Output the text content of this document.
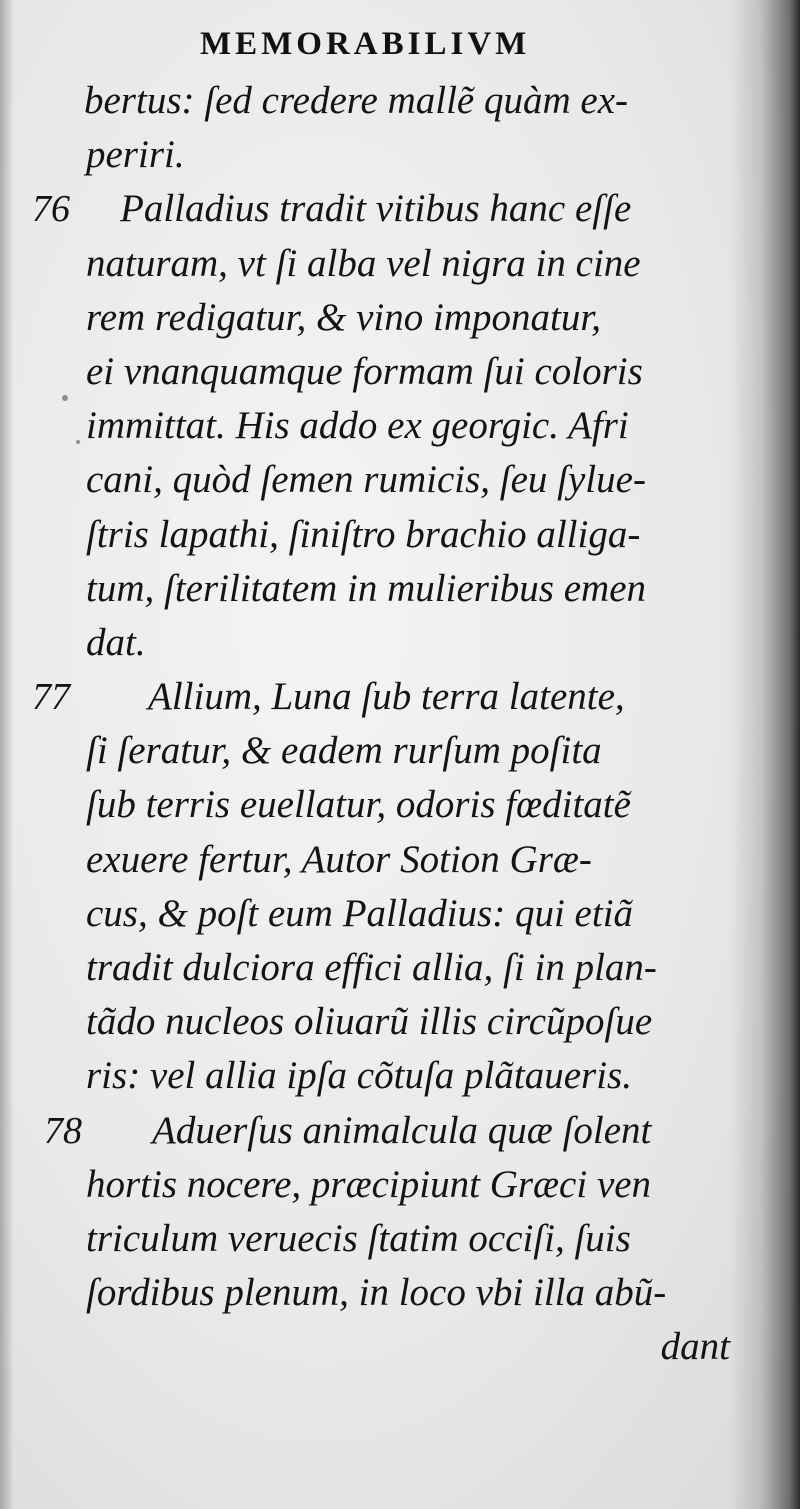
MEMORABILIVM
bertus: ſed credere mallẽ quàm ex-
periri.
76 Palladius tradit vitibus hanc eſſe
naturam, vt ſi alba vel nigra in cine
rem redigatur, & vino imponatur,
ei vnanquamque formam ſui coloris
immittat. His addo ex georgic. Afri
cani, quòd ſemen rumicis, ſeu ſylue-
ſtris lapathi, ſiniſtro brachio alliga-
tum, ſterilitatem in mulieribus emen
dat.
77 Allium, Luna ſub terra latente,
ſi ſeratur, & eadem rurſum poſita
ſub terris euellatur, odoris fœditatẽ
exuere fertur, Autor Sotion Græ-
cus, & poſt eum Palladius: qui etiã
tradit dulciora effici allia, ſi in plan-
tãdo nucleos oliuarũ illis circũpoſue
ris: vel allia ipſa cõtuſa plãtaueris.
78 Aduerſus animalcula quæ ſolent
hortis nocere, præcipiunt Græci ven
triculum veruecis ſtatim occiſi, ſuis
ſordibus plenum, in loco vbi illa abũ-
dant
